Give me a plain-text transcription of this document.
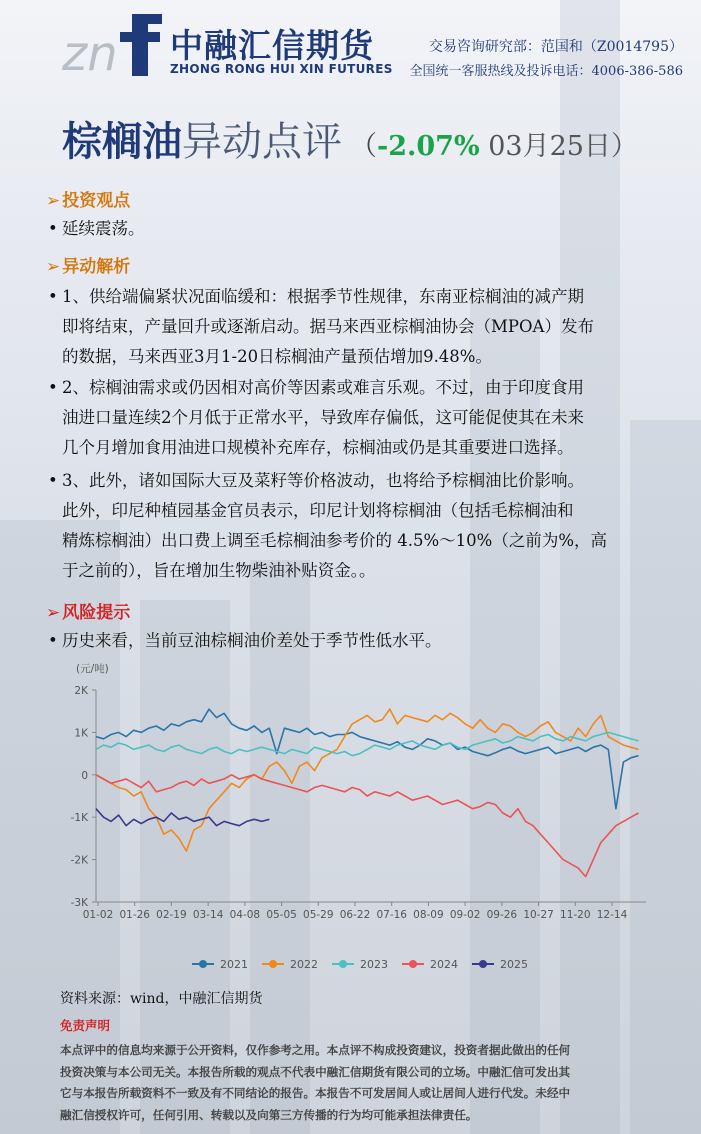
zn 中融汇信期货
ZHONG RONG HUI XIN FUTURES
交易咨询研究部：范国和（Z0014795）
全国统一客服热线及投诉电话：4006-386-586
棕榈油异动点评 （-2.07% 03月25日）
➢ 投资观点
• 延续震荡。
➢ 异动解析
• 1、供给端偏紧状况面临缓和：根据季节性规律，东南亚棕榈油的减产期
即将结束，产量回升或逐渐启动。据马来西亚棕榈油协会（MPOA）发布
的数据，马来西亚3月1-20日棕榈油产量预估增加9.48%。
• 2、棕榈油需求或仍因相对高价等因素或难言乐观。不过，由于印度食用
油进口量连续2个月低于正常水平，导致库存偏低，这可能促使其在未来
几个月增加食用油进口规模补充库存，棕榈油或仍是其重要进口选择。
• 3、此外，诸如国际大豆及菜籽等价格波动，也将给予棕榈油比价影响。
此外，印尼种植园基金官员表示，印尼计划将棕榈油（包括毛棕榈油和
精炼棕榈油）出口费上调至毛棕榈油参考价的 4.5%～10%（之前为%，高
于之前的），旨在增加生物柴油补贴资金。。
➢ 风险提示
• 历史来看，当前豆油棕榈油价差处于季节性低水平。
(元/吨)
2K
1K
0
-1K
-2K
-3K
01-02 01-26 02-19 03-14 04-08 05-05 05-29 06-22 07-16 08-09 09-02 09-26 10-27 11-20 12-14
2021	2022	2023	2024	2025
资料来源：wind，中融汇信期货
免责声明
本点评中的信息均来源于公开资料，仅作参考之用。本点评不构成投资建议，投资者据此做出的任何
投资决策与本公司无关。本报告所载的观点不代表中融汇信期货有限公司的立场。中融汇信可发出其
它与本报告所载资料不一致及有不同结论的报告。本报告不可发居间人或让居间人进行代发。未经中
融汇信授权许可，任何引用、转载以及向第三方传播的行为均可能承担法律责任。
